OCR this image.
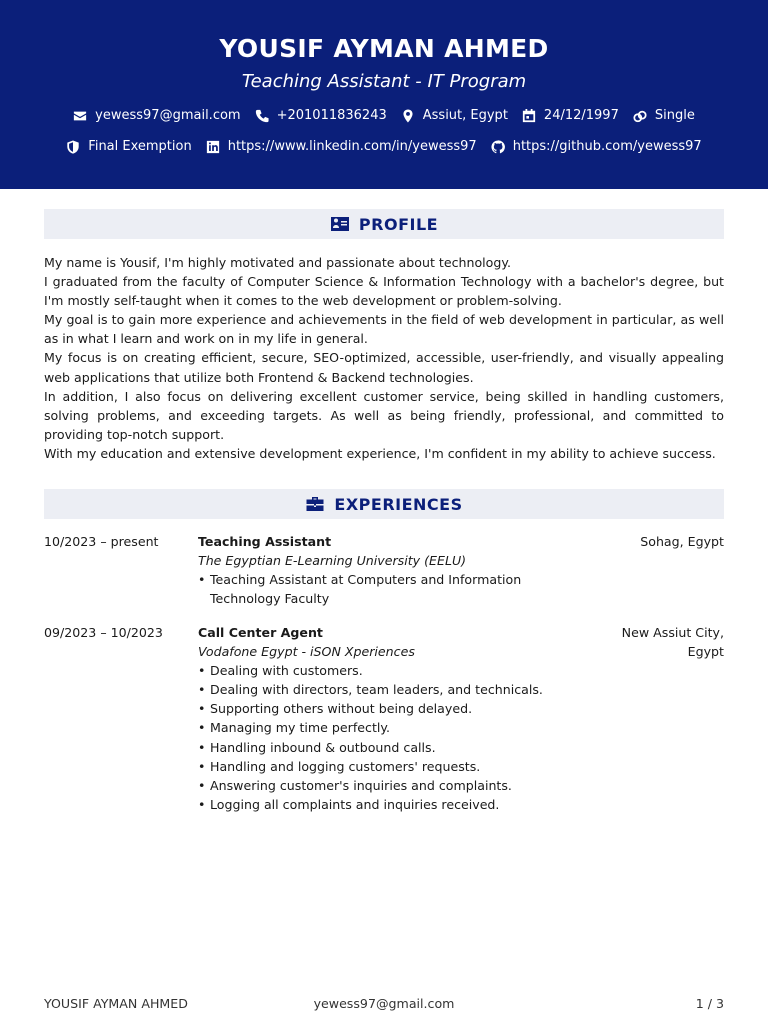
YOUSIF AYMAN AHMED
Teaching Assistant - IT Program
yewess97@gmail.com	+201011836243	Assiut, Egypt	24/12/1997	Single
Final Exemption	https://www.linkedin.com/in/yewess97	https://github.com/yewess97
PROFILE

My name is Yousif, I'm highly motivated and passionate about technology.

I graduated from the faculty of Computer Science & Information Technology with a bachelor's degree, but I'm mostly self-taught when it comes to the web development or problem-solving.

My goal is to gain more experience and achievements in the field of web development in particular, as well as in what I learn and work on in my life in general.

My focus is on creating efficient, secure, SEO-optimized, accessible, user-friendly, and visually appealing web applications that utilize both Frontend & Backend technologies.

In addition, I also focus on delivering excellent customer service, being skilled in handling customers, solving problems, and exceeding targets. As well as being friendly, professional, and committed to providing top-notch support.

With my education and extensive development experience, I'm confident in my ability to achieve success.

EXPERIENCES
10/2023 – present	Teaching Assistant
The Egyptian E-Learning University (EELU)
• Teaching Assistant at Computers and Information Technology Faculty
Sohag, Egypt
09/2023 – 10/2023	Call Center Agent
Vodafone Egypt - iSON Xperiences
• Dealing with customers.
• Dealing with directors, team leaders, and technicals.
• Supporting others without being delayed.
• Managing my time perfectly.
• Handling inbound & outbound calls.
• Handling and logging customers' requests.
• Answering customer's inquiries and complaints.
• Logging all complaints and inquiries received.
New Assiut City, Egypt
YOUSIF AYMAN AHMED	yewess97@gmail.com	1 / 3
